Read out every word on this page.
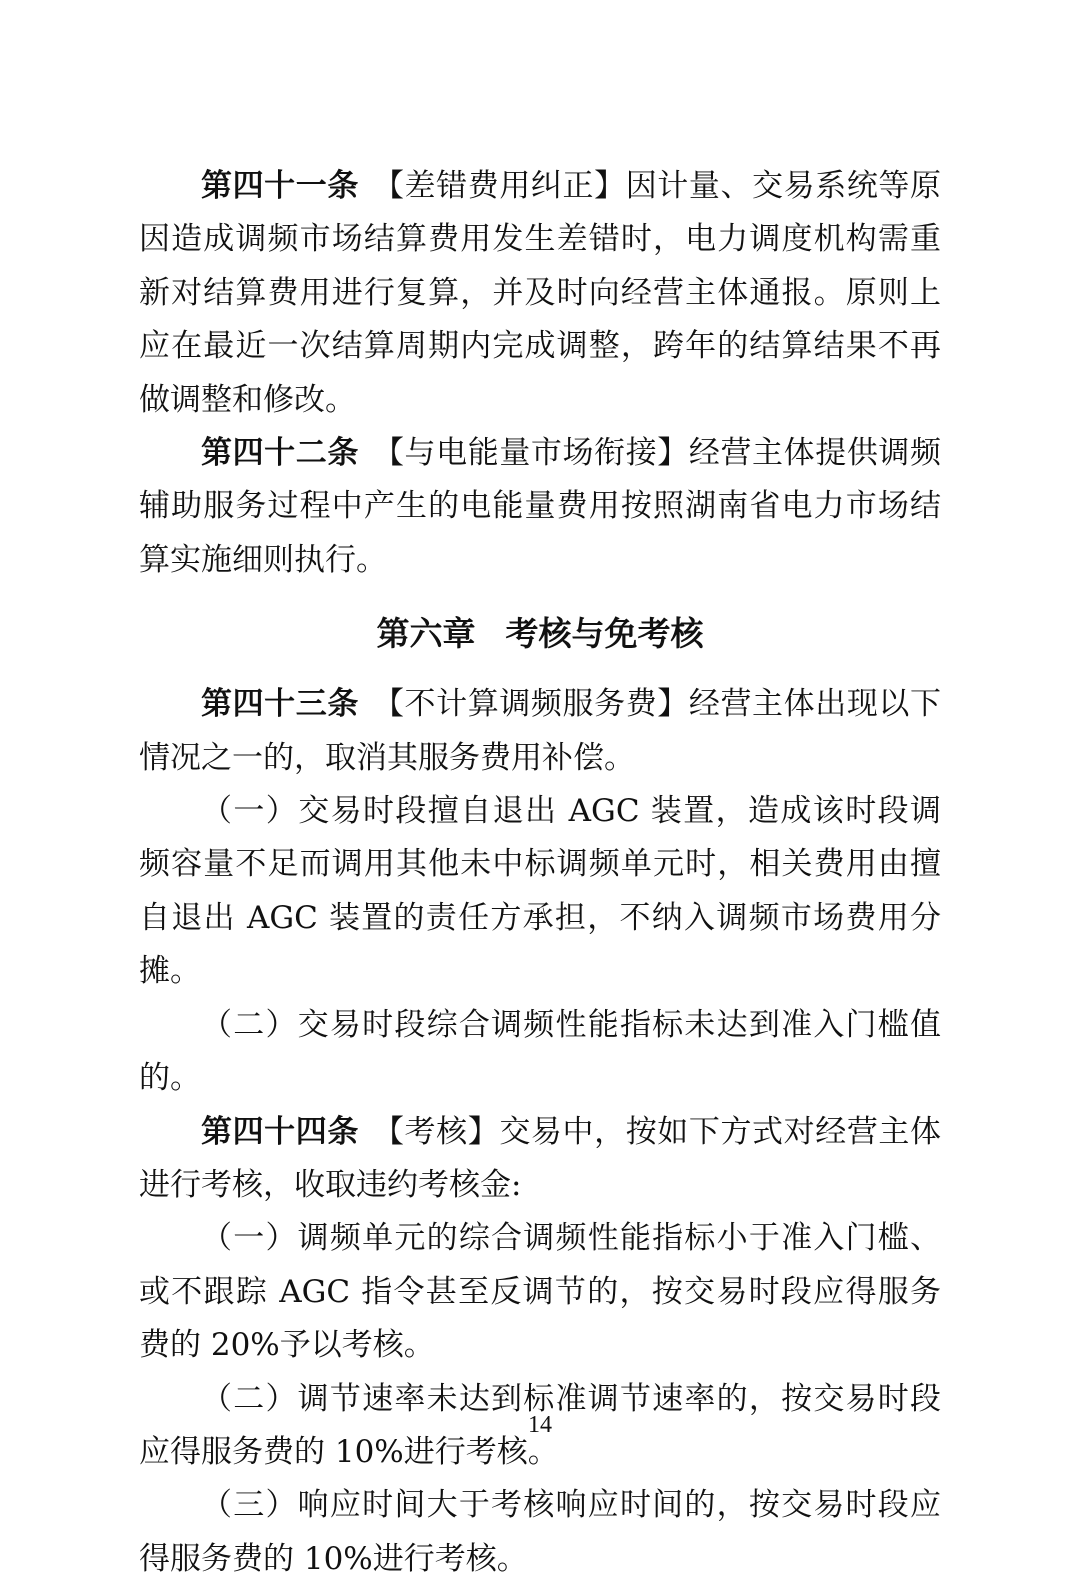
第四十一条 【差错费用纠正】因计量、交易系统等原因造成调频市场结算费用发生差错时，电力调度机构需重新对结算费用进行复算，并及时向经营主体通报。原则上应在最近一次结算周期内完成调整，跨年的结算结果不再做调整和修改。

第四十二条 【与电能量市场衔接】经营主体提供调频辅助服务过程中产生的电能量费用按照湖南省电力市场结算实施细则执行。

第六章 考核与免考核

第四十三条 【不计算调频服务费】经营主体出现以下情况之一的，取消其服务费用补偿。

（一）交易时段擅自退出 AGC 装置，造成该时段调频容量不足而调用其他未中标调频单元时，相关费用由擅自退出 AGC 装置的责任方承担，不纳入调频市场费用分摊。

（二）交易时段综合调频性能指标未达到准入门槛值的。

第四十四条 【考核】交易中，按如下方式对经营主体进行考核，收取违约考核金:

（一）调频单元的综合调频性能指标小于准入门槛、或不跟踪 AGC 指令甚至反调节的，按交易时段应得服务费的 20%予以考核。

（二）调节速率未达到标准调节速率的，按交易时段应得服务费的 10%进行考核。

（三）响应时间大于考核响应时间的，按交易时段应得服务费的 10%进行考核。

14
